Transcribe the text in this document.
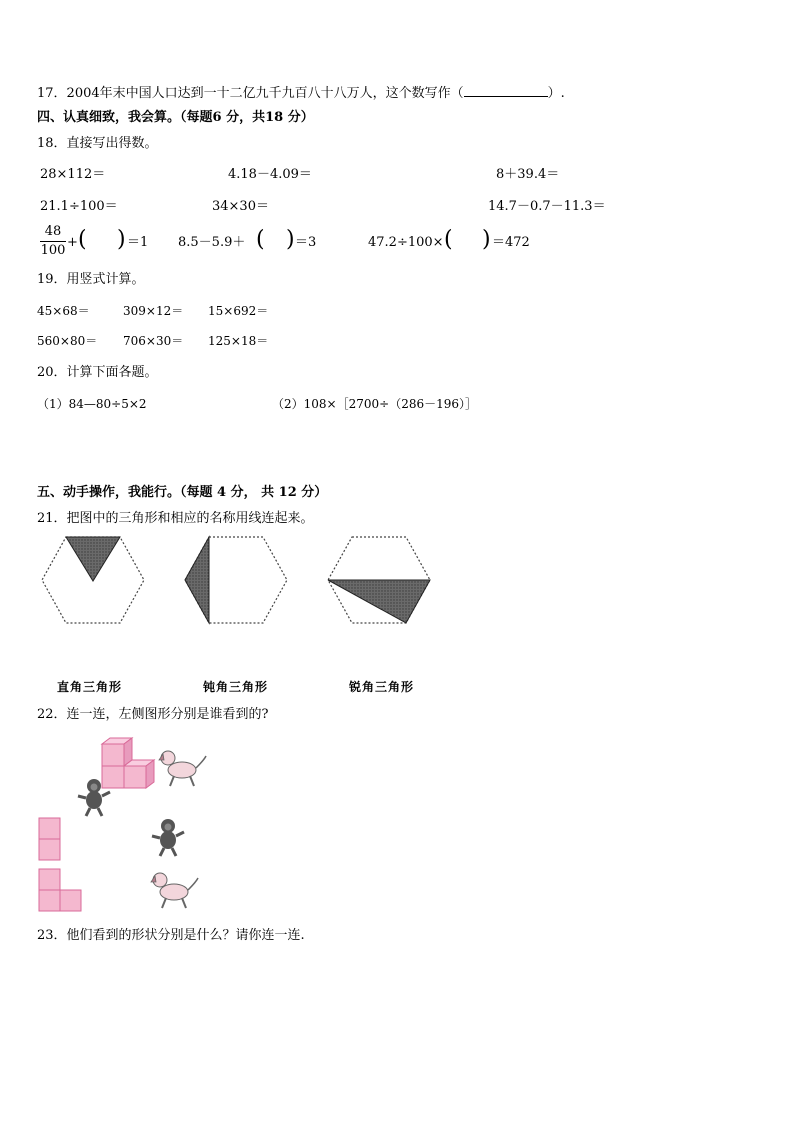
17．2004年末中国人口达到一十二亿九千九百八十八万人，这个数写作（	）.
四、认真细致，我会算。（每题6 分，共18 分）
18．直接写出得数。
28×112＝	4.18－4.09＝	8＋39.4＝
21.1÷100＝	34×30＝	14.7－0.7－11.3＝
48
100
+ ( ) ＝1 8.5－5.9＋ ( ) ＝3	47.2÷100× ( ) ＝472
19．用竖式计算。
45×68＝	309×12＝ 15×692＝
560×80＝ 706×30＝ 125×18＝
20．计算下面各题。
（1）84—80÷5×2	（2）108×［2700÷（286－196）］
五、动手操作，我能行。（每题 4 分， 共 12 分）
21．把图中的三角形和相应的名称用线连起来。
直角三角形	钝角三角形	锐角三角形
22．连一连，左侧图形分别是谁看到的?
23．他们看到的形状分别是什么？请你连一连.
